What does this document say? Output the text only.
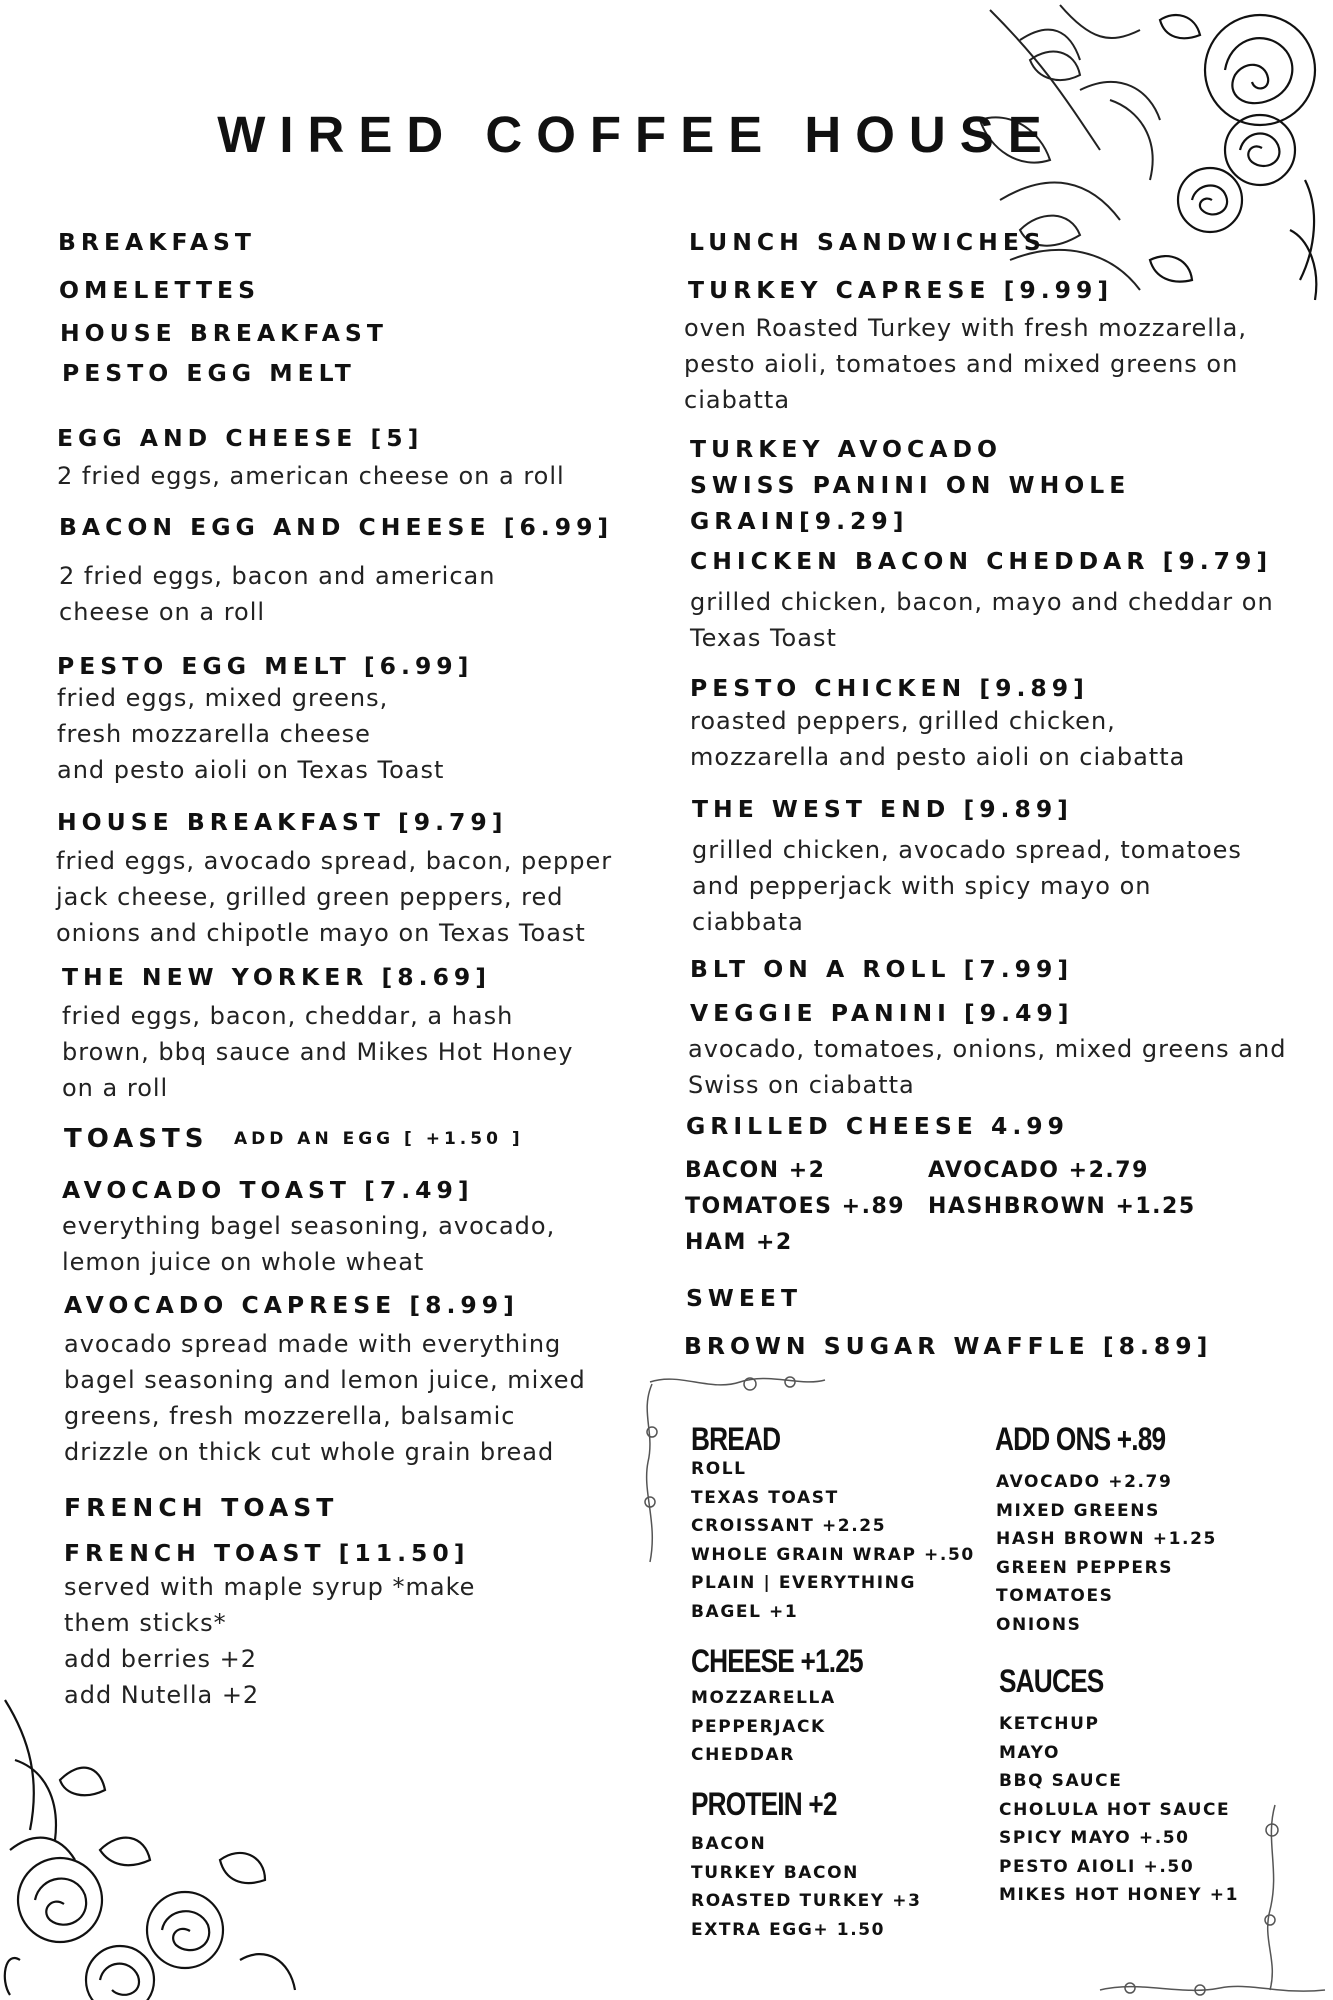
WIRED COFFEE HOUSE
BREAKFAST
OMELETTES
HOUSE BREAKFAST
PESTO EGG MELT
EGG AND CHEESE [5]
2 fried eggs, american cheese on a roll
BACON EGG AND CHEESE [6.99]
2 fried eggs, bacon and american
cheese on a roll
PESTO EGG MELT [6.99]
fried eggs, mixed greens,
fresh mozzarella cheese
and pesto aioli on Texas Toast
HOUSE BREAKFAST [9.79]
fried eggs, avocado spread, bacon, pepper
jack cheese, grilled green peppers, red
onions and chipotle mayo on Texas Toast
THE NEW YORKER [8.69]
fried eggs, bacon, cheddar, a hash
brown, bbq sauce and Mikes Hot Honey
on a roll
TOASTS ADD AN EGG [ +1.50 ]
AVOCADO TOAST [7.49]
everything bagel seasoning, avocado,
lemon juice on whole wheat
AVOCADO CAPRESE [8.99]
avocado spread made with everything
bagel seasoning and lemon juice, mixed
greens, fresh mozzerella, balsamic
drizzle on thick cut whole grain bread
FRENCH TOAST
FRENCH TOAST [11.50]
served with maple syrup *make
them sticks*
add berries +2
add Nutella +2
LUNCH SANDWICHES
TURKEY CAPRESE [9.99]
oven Roasted Turkey with fresh mozzarella,
pesto aioli, tomatoes and mixed greens on
ciabatta
TURKEY AVOCADO
SWISS PANINI ON WHOLE
GRAIN[9.29]
CHICKEN BACON CHEDDAR [9.79]
grilled chicken, bacon, mayo and cheddar on
Texas Toast
PESTO CHICKEN [9.89]
roasted peppers, grilled chicken,
mozzarella and pesto aioli on ciabatta
THE WEST END [9.89]
grilled chicken, avocado spread, tomatoes
and pepperjack with spicy mayo on
ciabbata
BLT ON A ROLL [7.99]
VEGGIE PANINI [9.49]
avocado, tomatoes, onions, mixed greens and
Swiss on ciabatta
GRILLED CHEESE 4.99
BACON +2	AVOCADO +2.79
TOMATOES +.89 HASHBROWN +1.25
HAM +2
SWEET
BROWN SUGAR WAFFLE [8.89]
BREAD
ROLL
TEXAS TOAST
CROISSANT +2.25
WHOLE GRAIN WRAP +.50
PLAIN | EVERYTHING
BAGEL +1
CHEESE +1.25
MOZZARELLA
PEPPERJACK
CHEDDAR
PROTEIN +2
BACON
TURKEY BACON
ROASTED TURKEY +3
EXTRA EGG+ 1.50
ADD ONS +.89
AVOCADO +2.79
MIXED GREENS
HASH BROWN +1.25
GREEN PEPPERS
TOMATOES
ONIONS
SAUCES
KETCHUP
MAYO
BBQ SAUCE
CHOLULA HOT SAUCE
SPICY MAYO +.50
PESTO AIOLI +.50
MIKES HOT HONEY +1
